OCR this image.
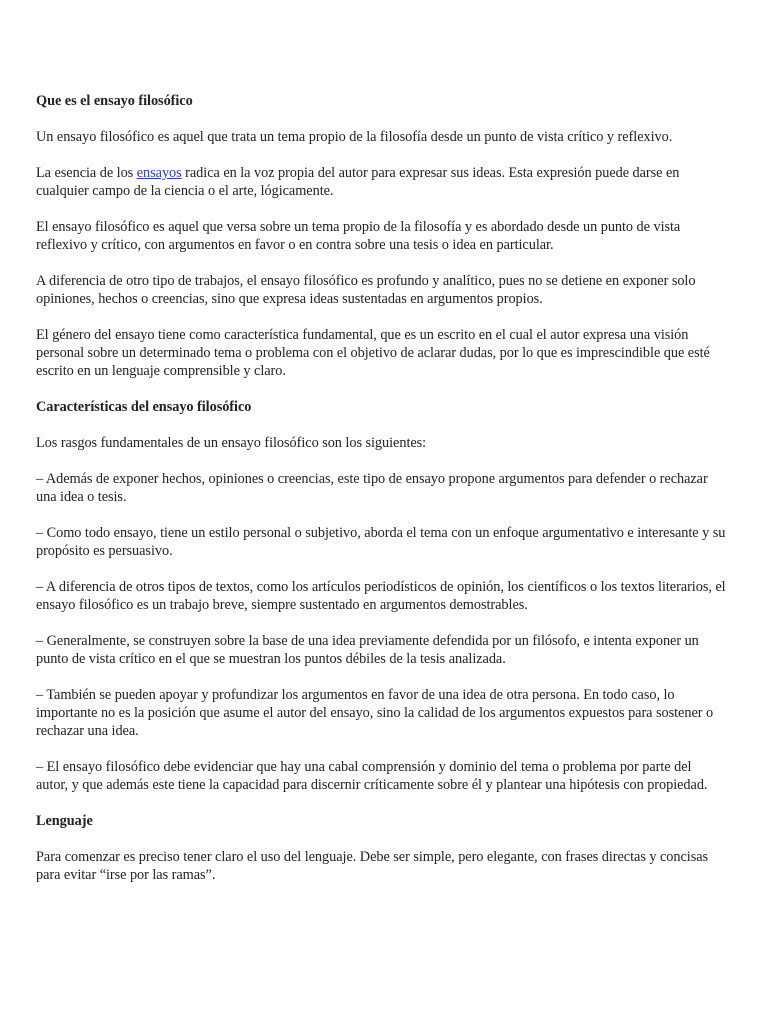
Que es el ensayo filosófico

Un ensayo filosófico es aquel que trata un tema propio de la filosofía desde un punto de vista crítico y reflexivo.

La esencia de los ensayos radica en la voz propia del autor para expresar sus ideas. Esta expresión puede darse en cualquier campo de la ciencia o el arte, lógicamente.

El ensayo filosófico es aquel que versa sobre un tema propio de la filosofía y es abordado desde un punto de vista reflexivo y crítico, con argumentos en favor o en contra sobre una tesis o idea en particular.

A diferencia de otro tipo de trabajos, el ensayo filosófico es profundo y analítico, pues no se detiene en exponer solo opiniones, hechos o creencias, sino que expresa ideas sustentadas en argumentos propios.

El género del ensayo tiene como característica fundamental, que es un escrito en el cual el autor expresa una visión personal sobre un determinado tema o problema con el objetivo de aclarar dudas, por lo que es imprescindible que esté escrito en un lenguaje comprensible y claro.

Características del ensayo filosófico

Los rasgos fundamentales de un ensayo filosófico son los siguientes:

– Además de exponer hechos, opiniones o creencias, este tipo de ensayo propone argumentos para defender o rechazar una idea o tesis.

– Como todo ensayo, tiene un estilo personal o subjetivo, aborda el tema con un enfoque argumentativo e interesante y su propósito es persuasivo.

– A diferencia de otros tipos de textos, como los artículos periodísticos de opinión, los científicos o los textos literarios, el ensayo filosófico es un trabajo breve, siempre sustentado en argumentos demostrables.

– Generalmente, se construyen sobre la base de una idea previamente defendida por un filósofo, e intenta exponer un punto de vista crítico en el que se muestran los puntos débiles de la tesis analizada.

– También se pueden apoyar y profundizar los argumentos en favor de una idea de otra persona. En todo caso, lo importante no es la posición que asume el autor del ensayo, sino la calidad de los argumentos expuestos para sostener o rechazar una idea.

– El ensayo filosófico debe evidenciar que hay una cabal comprensión y dominio del tema o problema por parte del autor, y que además este tiene la capacidad para discernir críticamente sobre él y plantear una hipótesis con propiedad.

Lenguaje

Para comenzar es preciso tener claro el uso del lenguaje. Debe ser simple, pero elegante, con frases directas y concisas para evitar “irse por las ramas”.
